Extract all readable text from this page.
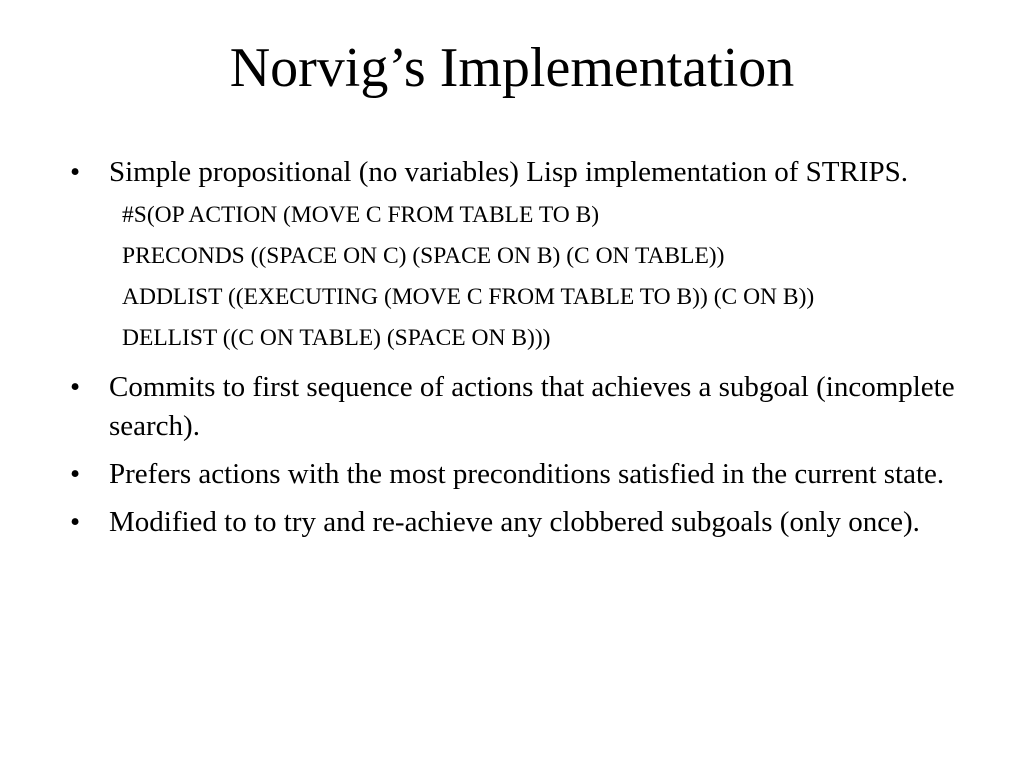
Norvig’s Implementation
• Simple propositional (no variables) Lisp implementation of STRIPS.
#S(OP ACTION (MOVE C FROM TABLE TO B)
PRECONDS ((SPACE ON C) (SPACE ON B) (C ON TABLE))
ADDLIST ((EXECUTING (MOVE C FROM TABLE TO B)) (C ON B))
DELLIST ((C ON TABLE) (SPACE ON B)))
• Commits to first sequence of actions that achieves a subgoal (incomplete search).
• Prefers actions with the most preconditions satisfied in the current state.
• Modified to to try and re-achieve any clobbered subgoals (only once).
